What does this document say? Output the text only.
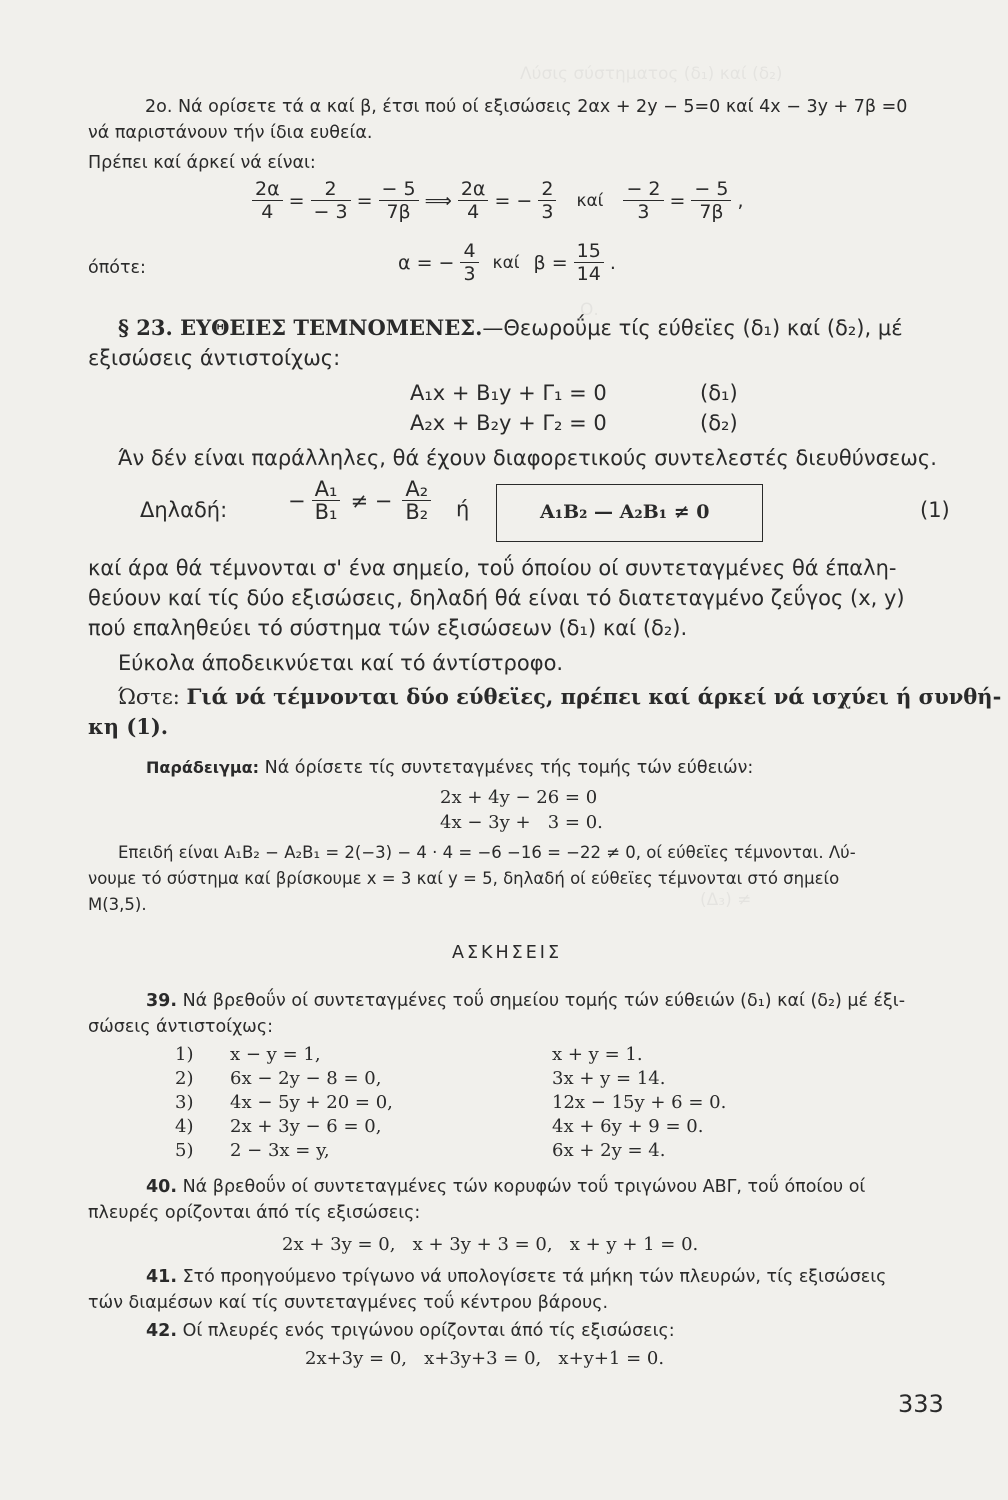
Λύσις σύστηματος (δ₁) καί (δ₂)
Ο.
(Δ₃) ≠
2ο. Νά ορίσετε τά α καί β, έτσι πού οί εξισώσεις 2αx + 2y − 5=0 καί 4x − 3y + 7β =0
νά παριστάνουν τήν ίδια ευθεία.
Πρέπει καί άρκεί νά είναι:
$\frac{2\alpha}{4} = \frac{2}{- 3} = \frac{- 5}{7\beta}$ ⟹ $\frac{2\alpha}{4}$ = − $\frac{2}{3}$	καί	$\frac{- 2}{3} = \frac{- 5}{7\beta}$ ,
όπότε:	α = − $\frac{4}{3}$ καί $\beta = \frac{15}{14}$ .
§ 23. ΕΥΘΕΙΕΣ ΤΕΜΝΟΜΕΝΕΣ.—Θεωροΰμε τίς εύθεϊες (δ₁) καί (δ₂), μέ
εξισώσεις άντιστοίχως:
A₁x + B₁y + Γ₁ = 0	(δ₁)
A₂x + B₂y + Γ₂ = 0	(δ₂)
Άν δέν είναι παράλληλες, θά έχουν διαφορετικούς συντελεστές διευθύνσεως.
Δηλαδή:	− $\frac{\text{A₁}}{\text{B₁}}$ ≠ − $\frac{\text{A₂}}{\text{B₂}}$ ή	A₁B₂ — A₂B₁ ≠ 0	(1)
καί άρα θά τέμνονται σ' ένα σημείο, τοΰ όποίου οί συντεταγμένες θά έπαλη-
θεύουν καί τίς δύο εξισώσεις, δηλαδή θά είναι τό διατεταγμένο ζεΰγος (x, y)
πού επαληθεύει τό σύστημα τών εξισώσεων (δ₁) καί (δ₂).
Εύκολα άποδεικνύεται καί τό άντίστροφο.
Ώστε: Γιά νά τέμνονται δύο εύθεϊες, πρέπει καί άρκεί νά ισχύει ή συνθή-
κη (1).
Παράδειγμα: Νά όρίσετε τίς συντεταγμένες τής τομής τών εύθειών:
2x + 4y − 26 = 0
4x − 3y +   3 = 0.
Επειδή είναι A₁B₂ − A₂B₁ = 2(−3) − 4 · 4 = −6 −16 = −22 ≠ 0, οί εύθεϊες τέμνονται. Λύ-
νουμε τό σύστημα καί βρίσκουμε x = 3 καί y = 5, δηλαδή οί εύθεϊες τέμνονται στό σημείο
M(3,5).
ΑΣΚΗΣΕΙΣ
39. Νά βρεθοΰν οί συντεταγμένες τοΰ σημείου τομής τών εύθειών (δ₁) καί (δ₂) μέ έξι-
σώσεις άντιστοίχως:
1) x − y = 1,	x + y = 1.
2) 6x − 2y − 8 = 0,	3x + y = 14.
3) 4x − 5y + 20 = 0,	12x − 15y + 6 = 0.
4) 2x + 3y − 6 = 0,	4x + 6y + 9 = 0.
5) 2 − 3x = y,	6x + 2y = 4.
40. Νά βρεθοΰν οί συντεταγμένες τών κορυφών τοΰ τριγώνου ΑΒΓ, τοΰ όποίου οί
πλευρές ορίζονται άπό τίς εξισώσεις:
2x + 3y = 0,   x + 3y + 3 = 0,   x + y + 1 = 0.
41. Στό προηγούμενο τρίγωνο νά υπολογίσετε τά μήκη τών πλευρών, τίς εξισώσεις
τών διαμέσων καί τίς συντεταγμένες τοΰ κέντρου βάρους.
42. Οί πλευρές ενός τριγώνου ορίζονται άπό τίς εξισώσεις:
2x+3y = 0,   x+3y+3 = 0,   x+y+1 = 0.
333
